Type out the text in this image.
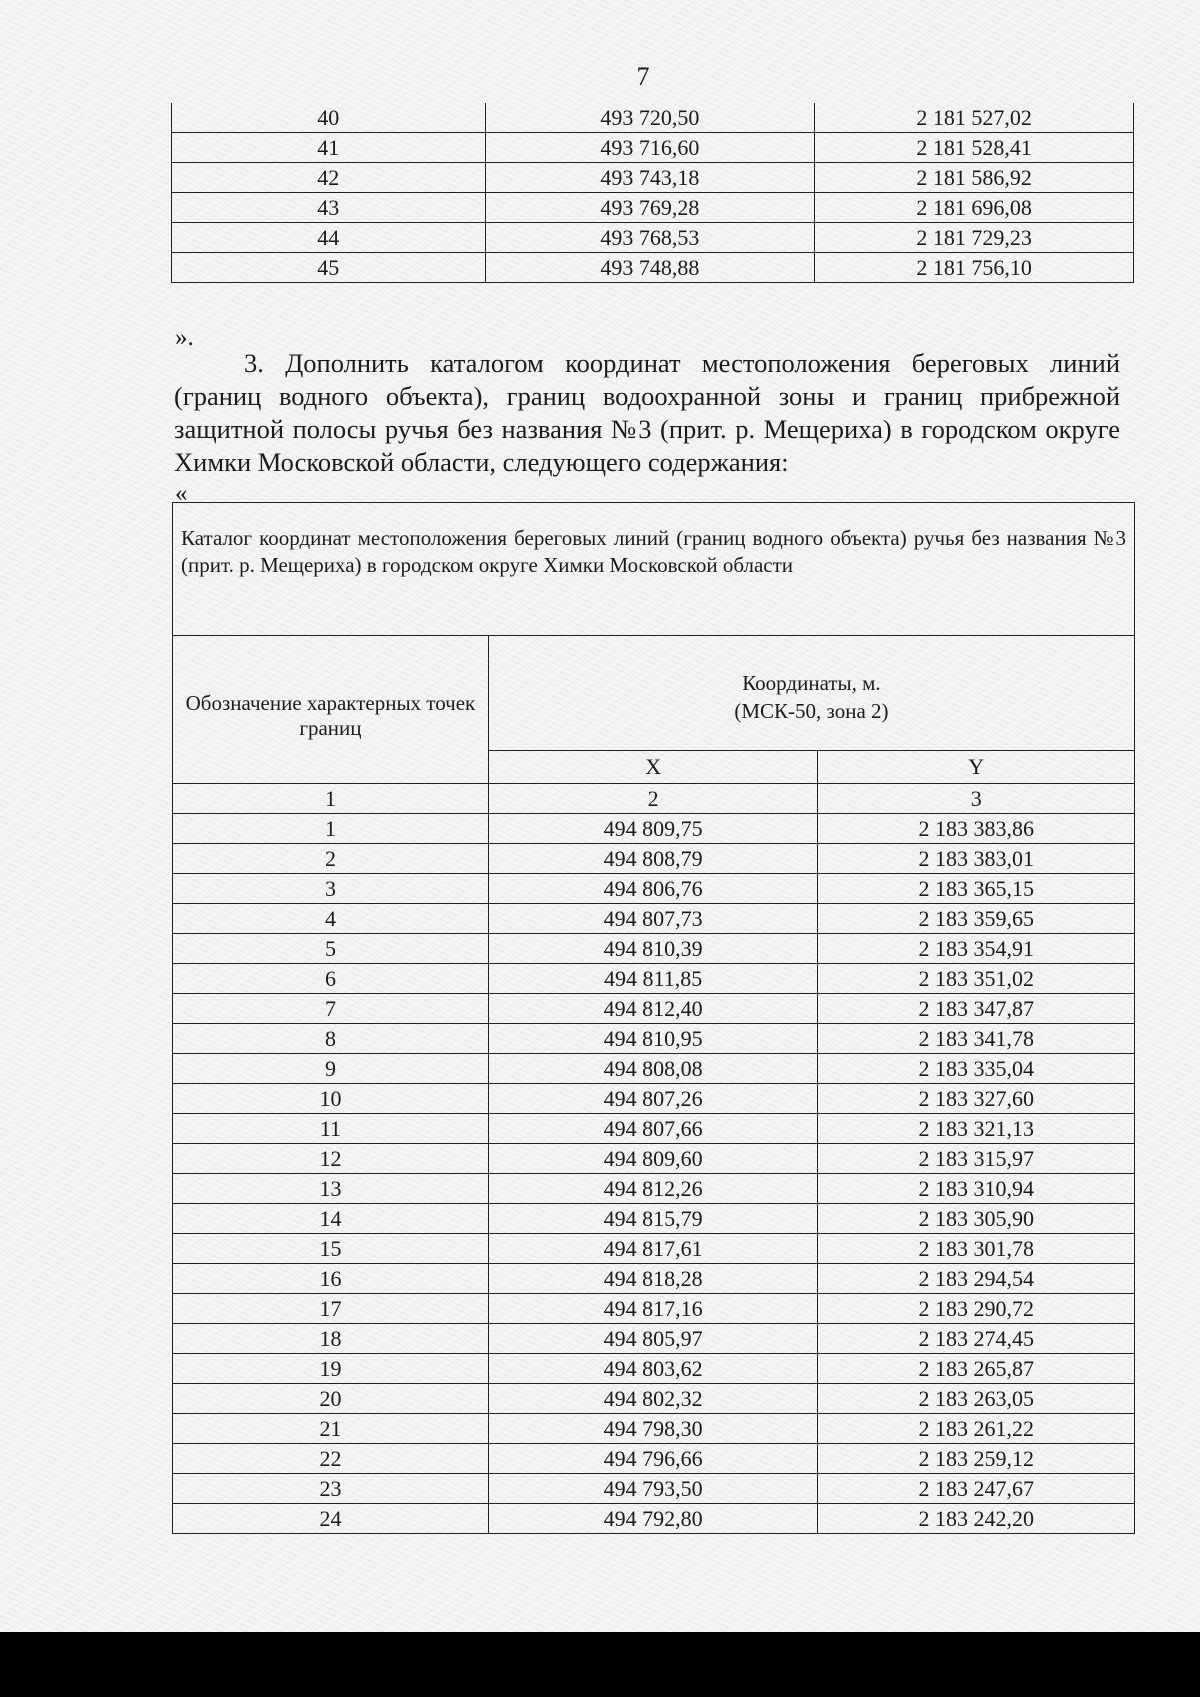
7
40	493 720,50	2 181 527,02
41	493 716,60	2 181 528,41
42	493 743,18	2 181 586,92
43	493 769,28	2 181 696,08
44	493 768,53	2 181 729,23
45	493 748,88	2 181 756,10
».
3. Дополнить каталогом координат местоположения береговых линий (границ водного объекта), границ водоохранной зоны и границ прибрежной защитной полосы ручья без названия №3 (прит. р. Мещериха) в городском округе Химки Московской области, следующего содержания:
«
Каталог координат местоположения береговых линий (границ водного объекта) ручья без названия №3 (прит. р. Мещериха) в городском округе Химки Московской области		
Обозначение характерных точек границ	Координаты, м.
(МСК-50, зона 2)	
	X	Y
1	2	3
1	494 809,75	2 183 383,86
2	494 808,79	2 183 383,01
3	494 806,76	2 183 365,15
4	494 807,73	2 183 359,65
5	494 810,39	2 183 354,91
6	494 811,85	2 183 351,02
7	494 812,40	2 183 347,87
8	494 810,95	2 183 341,78
9	494 808,08	2 183 335,04
10	494 807,26	2 183 327,60
11	494 807,66	2 183 321,13
12	494 809,60	2 183 315,97
13	494 812,26	2 183 310,94
14	494 815,79	2 183 305,90
15	494 817,61	2 183 301,78
16	494 818,28	2 183 294,54
17	494 817,16	2 183 290,72
18	494 805,97	2 183 274,45
19	494 803,62	2 183 265,87
20	494 802,32	2 183 263,05
21	494 798,30	2 183 261,22
22	494 796,66	2 183 259,12
23	494 793,50	2 183 247,67
24	494 792,80	2 183 242,20
